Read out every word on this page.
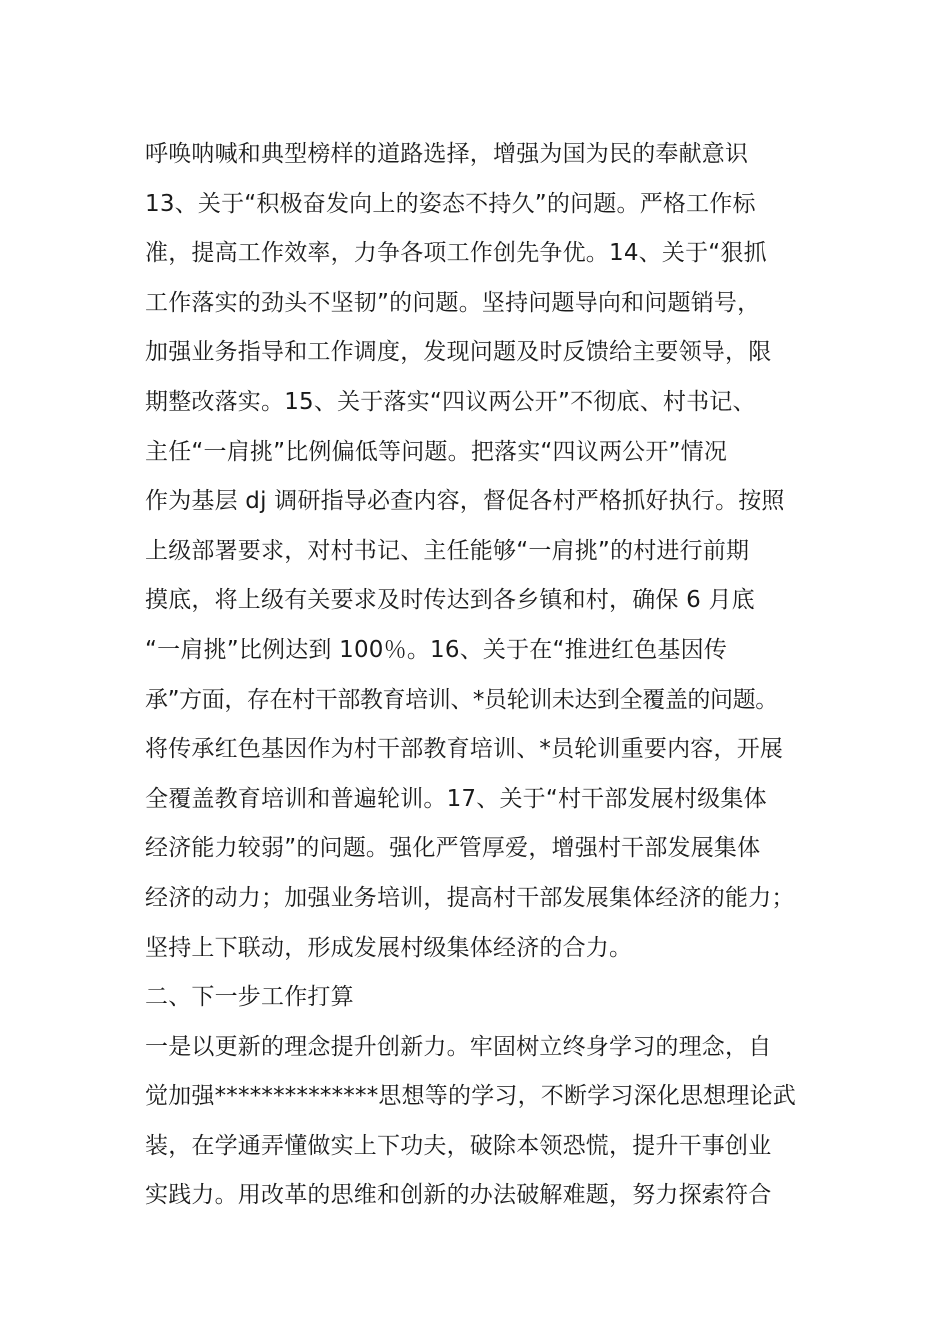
呼唤呐喊和典型榜样的道路选择，增强为国为民的奉献意识
13、关于“积极奋发向上的姿态不持久”的问题。严格工作标
准，提高工作效率，力争各项工作创先争优。14、关于“狠抓
工作落实的劲头不坚韧”的问题。坚持问题导向和问题销号，
加强业务指导和工作调度，发现问题及时反馈给主要领导，限
期整改落实。15、关于落实“四议两公开”不彻底、村书记、
主任“一肩挑”比例偏低等问题。把落实“四议两公开”情况
作为基层 dj 调研指导必查内容，督促各村严格抓好执行。按照
上级部署要求，对村书记、主任能够“一肩挑”的村进行前期
摸底，将上级有关要求及时传达到各乡镇和村，确保 6 月底
“一肩挑”比例达到 100％。16、关于在“推进红色基因传
承”方面，存在村干部教育培训、*员轮训未达到全覆盖的问题。
将传承红色基因作为村干部教育培训、*员轮训重要内容，开展
全覆盖教育培训和普遍轮训。17、关于“村干部发展村级集体
经济能力较弱”的问题。强化严管厚爱，增强村干部发展集体
经济的动力；加强业务培训，提高村干部发展集体经济的能力；
坚持上下联动，形成发展村级集体经济的合力。
二、下一步工作打算
一是以更新的理念提升创新力。牢固树立终身学习的理念，自
觉加强**************思想等的学习，不断学习深化思想理论武
装，在学通弄懂做实上下功夫，破除本领恐慌，提升干事创业
实践力。用改革的思维和创新的办法破解难题，努力探索符合
